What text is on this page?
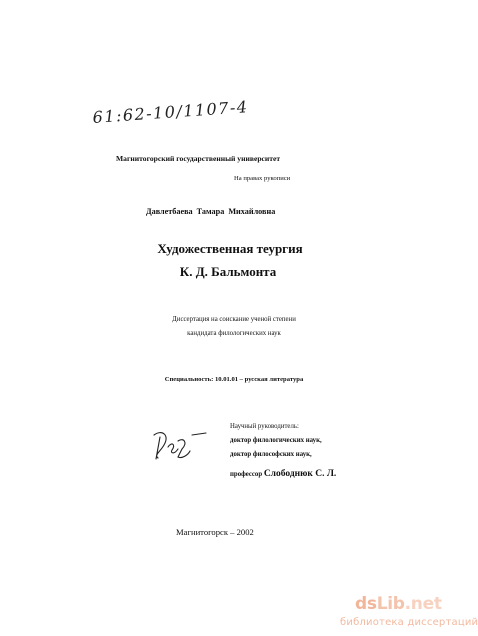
61:62-10/1107-4
Магнитогорский государственный университет
На правах рукописи
Давлетбаева Тамара Михайловна
Художественная теургия
К. Д. Бальмонта
Диссертация на соискание ученой степени
кандидата филологических наук
Специальность: 10.01.01 – русская литература
Научный руководитель:
доктор филологических наук,
доктор философских наук,
профессор Слободнюк С. Л.
Магнитогорск – 2002
dsLib.net
библиотека диссертаций
